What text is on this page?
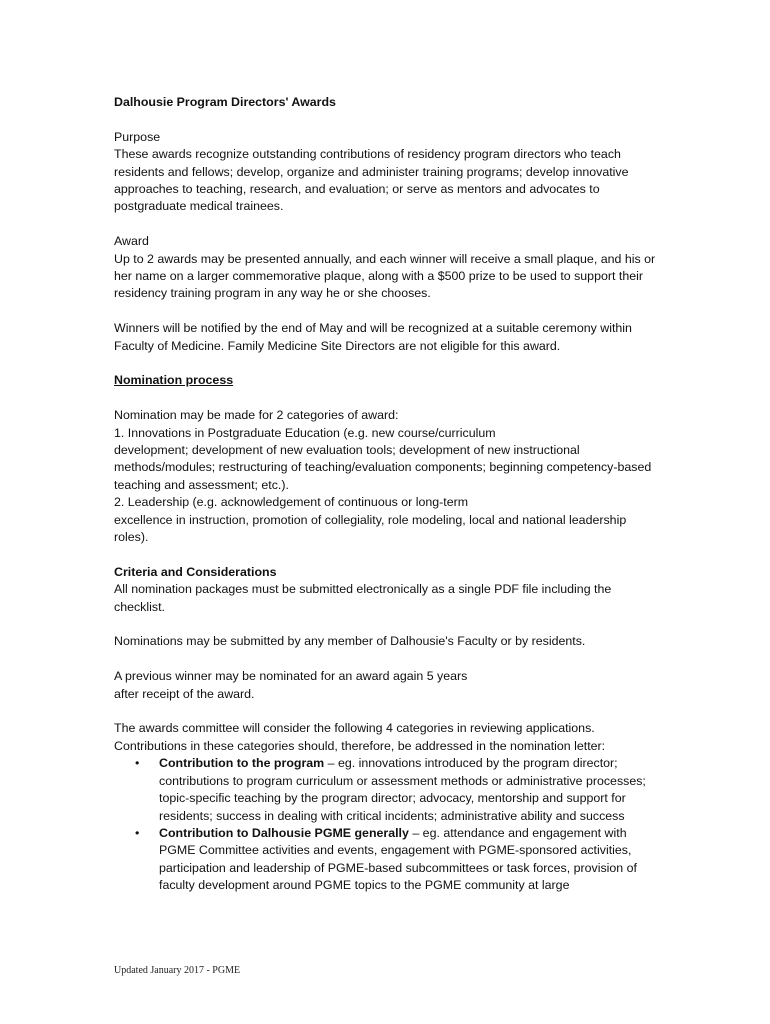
Dalhousie Program Directors' Awards

Purpose

These awards recognize outstanding contributions of residency program directors who teach residents and fellows; develop, organize and administer training programs; develop innovative approaches to teaching, research, and evaluation; or serve as mentors and advocates to postgraduate medical trainees.

Award

Up to 2 awards may be presented annually, and each winner will receive a small plaque, and his or her name on a larger commemorative plaque, along with a $500 prize to be used to support their residency training program in any way he or she chooses.

Winners will be notified by the end of May and will be recognized at a suitable ceremony within Faculty of Medicine. Family Medicine Site Directors are not eligible for this award.

Nomination process

Nomination may be made for 2 categories of award:

1. Innovations in Postgraduate Education (e.g. new course/curriculum

development; development of new evaluation tools; development of new instructional methods/modules; restructuring of teaching/evaluation components; beginning competency-based teaching and assessment; etc.).

2. Leadership (e.g. acknowledgement of continuous or long-term

excellence in instruction, promotion of collegiality, role modeling, local and national leadership roles).

Criteria and Considerations

All nomination packages must be submitted electronically as a single PDF file including the checklist.

Nominations may be submitted by any member of Dalhousie's Faculty or by residents.

A previous winner may be nominated for an award again 5 years

after receipt of the award.

The awards committee will consider the following 4 categories in reviewing applications.

Contributions in these categories should, therefore, be addressed in the nomination letter:

• Contribution to the program – eg. innovations introduced by the program director; contributions to program curriculum or assessment methods or administrative processes; topic-specific teaching by the program director; advocacy, mentorship and support for residents; success in dealing with critical incidents; administrative ability and success
• Contribution to Dalhousie PGME generally – eg. attendance and engagement with PGME Committee activities and events, engagement with PGME-sponsored activities, participation and leadership of PGME-based subcommittees or task forces, provision of faculty development around PGME topics to the PGME community at large
Updated January 2017 - PGME
